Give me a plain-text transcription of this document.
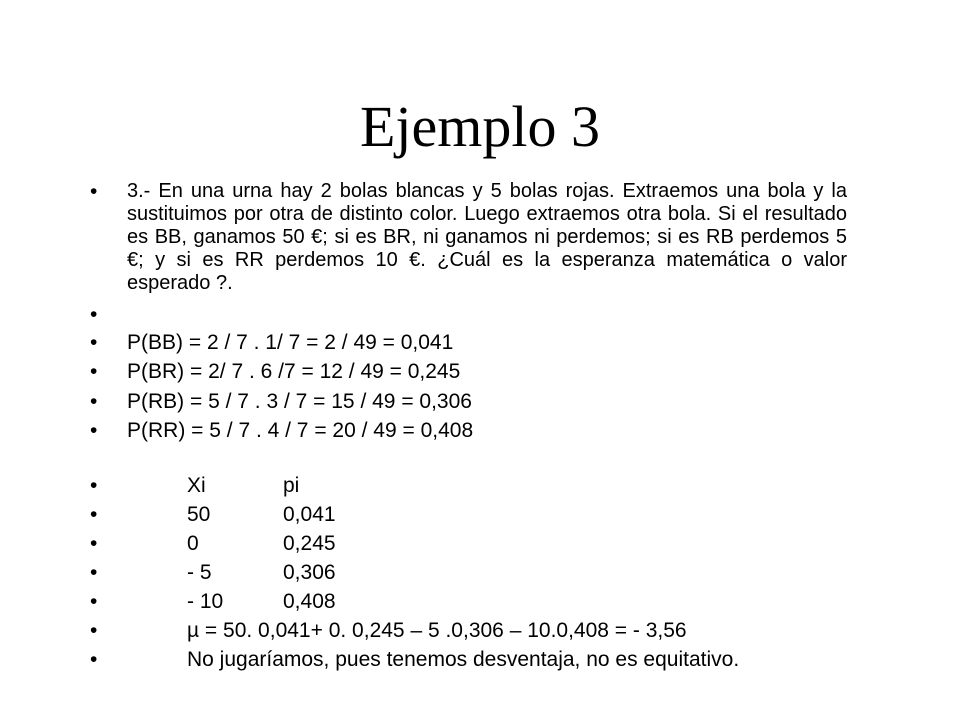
Ejemplo 3
• 3.- En una urna hay 2 bolas blancas y 5 bolas rojas. Extraemos una bola y la sustituimos por otra de distinto color. Luego extraemos otra bola. Si el resultado es BB, ganamos 50 €; si es BR, ni ganamos ni perdemos; si es RB perdemos 5 €; y si es RR perdemos 10 €. ¿Cuál es la esperanza matemática o valor esperado ?.
•
• P(BB) = 2 / 7 . 1/ 7 = 2 / 49 = 0,041
• P(BR) = 2/ 7 . 6 /7 = 12 / 49 = 0,245
• P(RB) = 5 / 7 . 3 / 7 = 15 / 49 = 0,306
• P(RR) = 5 / 7 . 4 / 7 = 20 / 49 = 0,408
•	Xi	pi
•	50	0,041
•	0	0,245
•	- 5	0,306
•	- 10	0,408
•	µ = 50. 0,041+ 0. 0,245 – 5 .0,306 – 10.0,408 = - 3,56
•	No jugaríamos, pues tenemos desventaja, no es equitativo.
